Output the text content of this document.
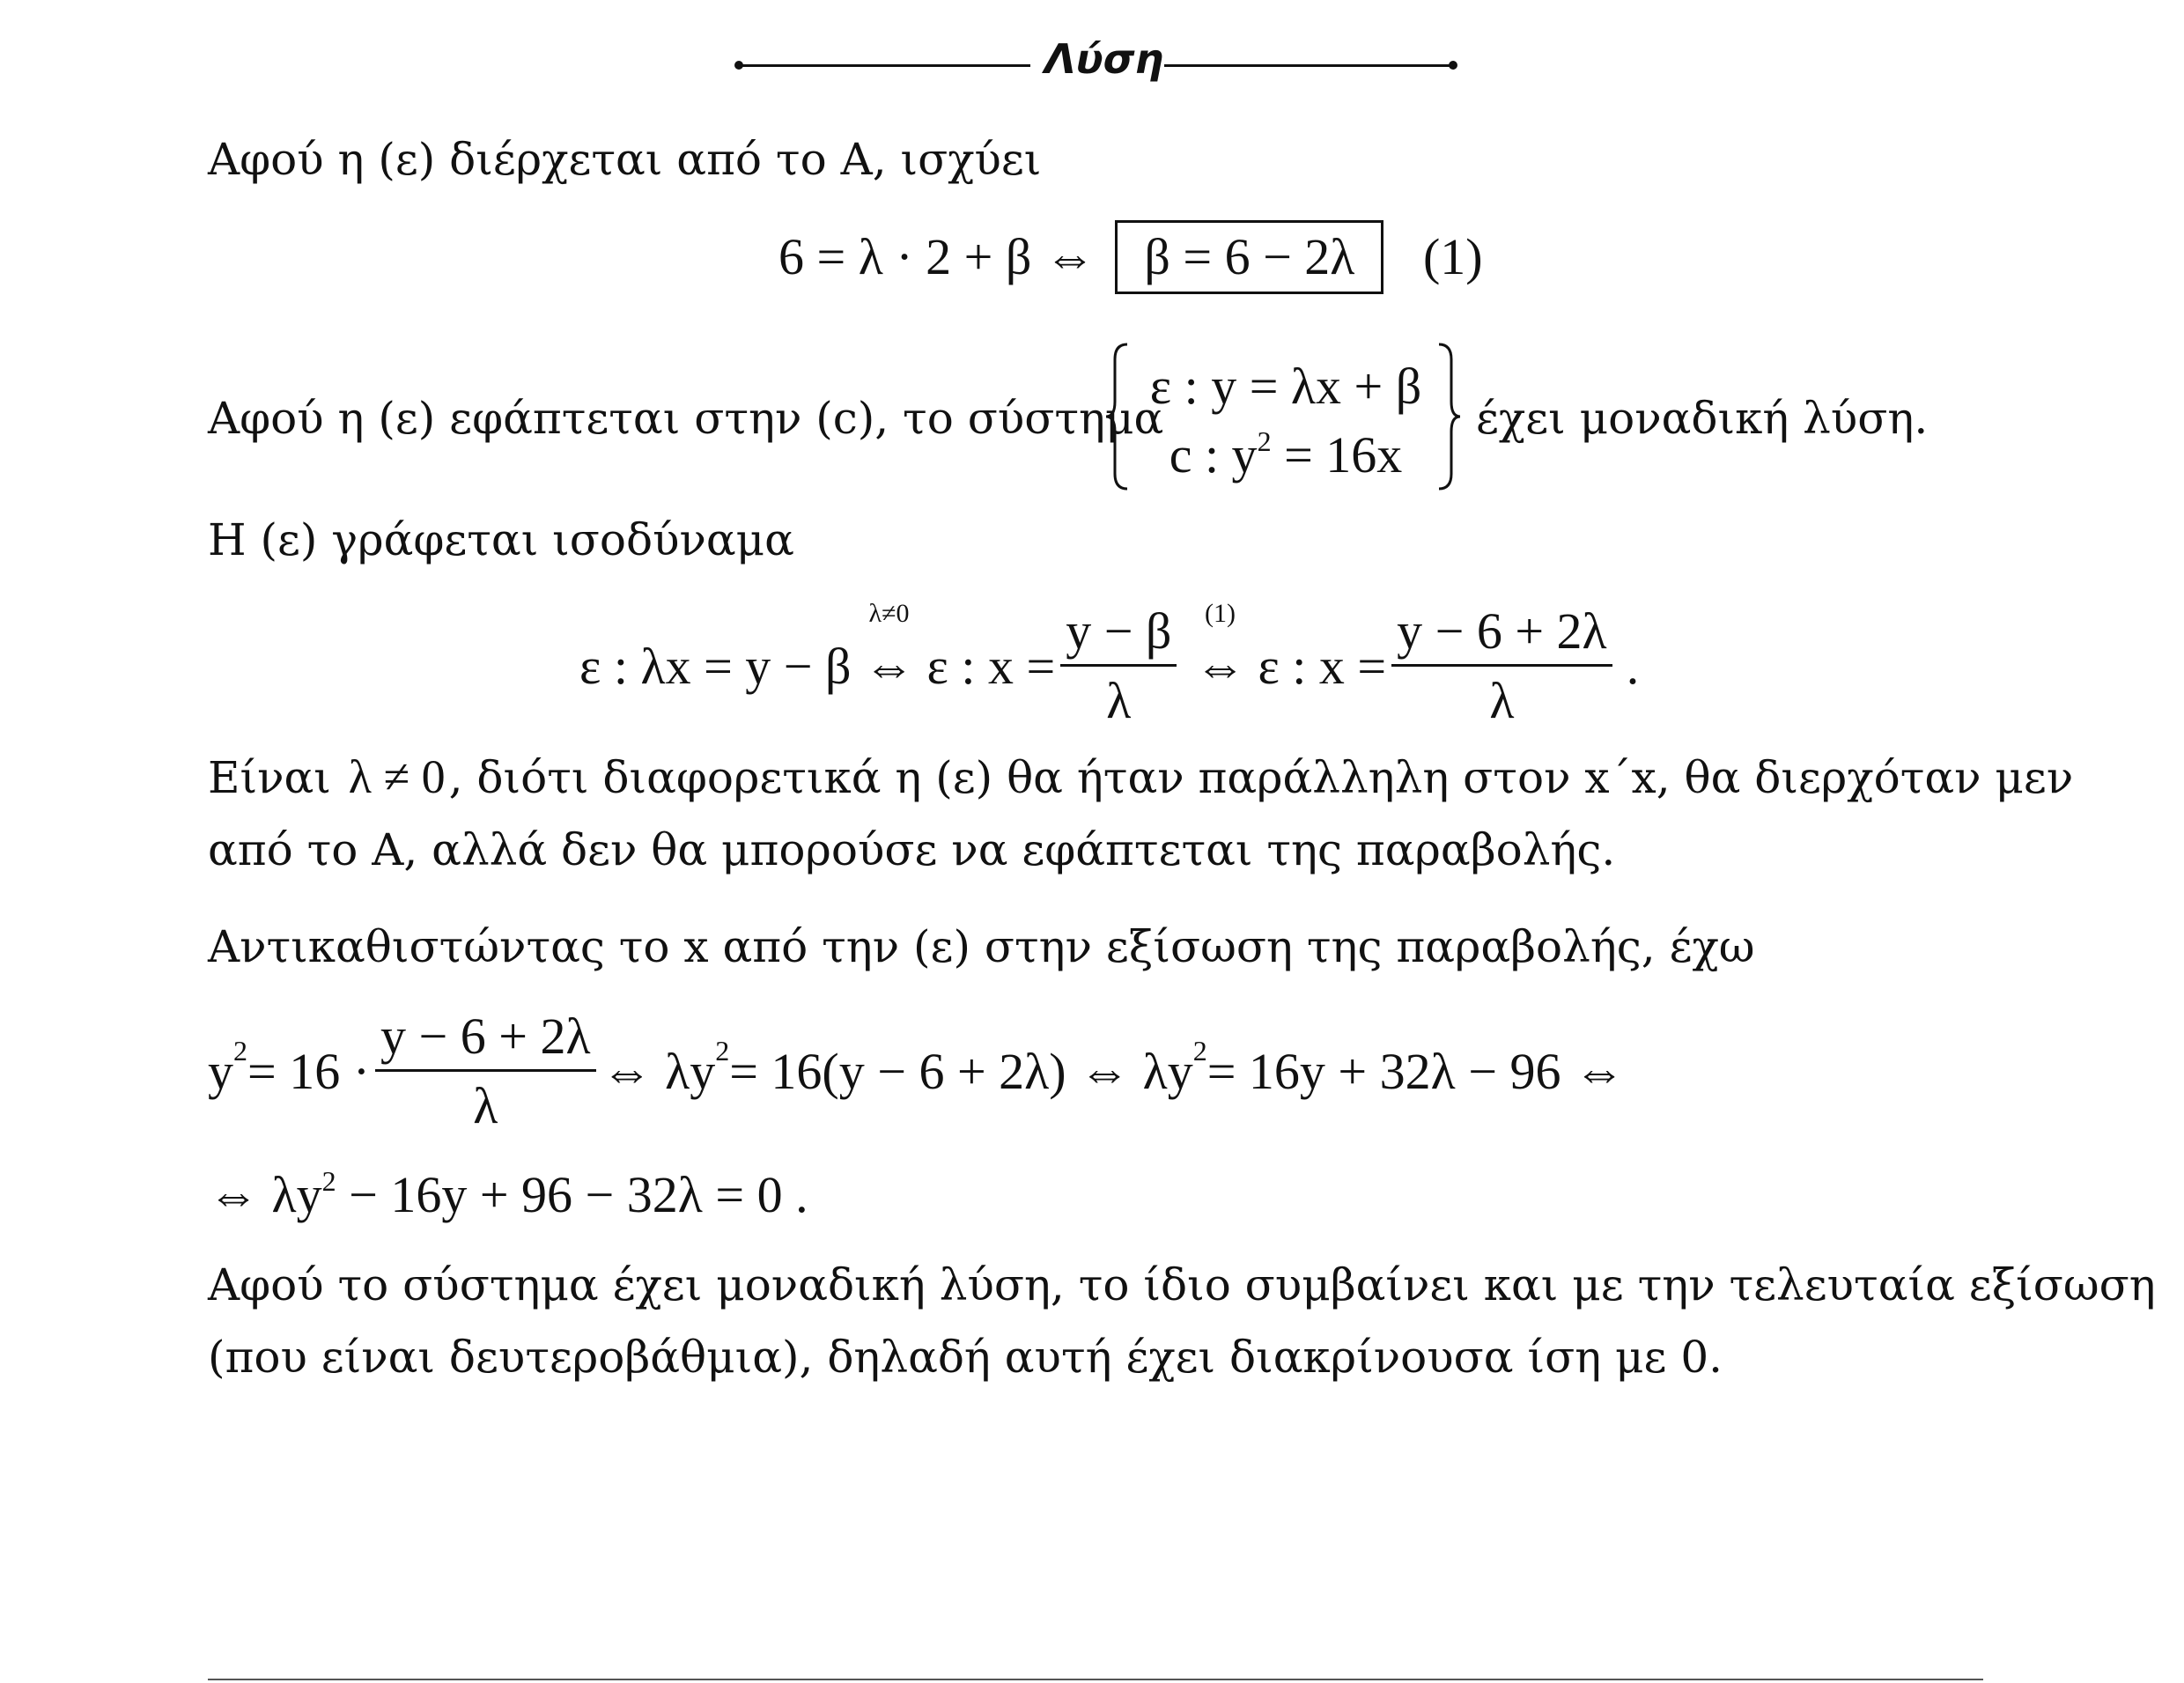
Λύση
Αφού η (ε) διέρχεται από το Α, ισχύει
6 = λ · 2 + β ⇔ β = 6 − 2λ (1)
Αφού η (ε) εφάπτεται στην (c), το σύστημα
ε : y = λx + β
c : $y^2 = 16x$
έχει μοναδική λύση.
Η (ε) γράφεται ισοδύναμα
ε : λx = y − β
λ≠0
⇔ ε : $x = \frac{y - \beta}{\lambda} (1)$
⇔ ε : $x = \frac{y - 6 + 2\lambda}{\lambda}$ .
Είναι λ ≠ 0, διότι διαφορετικά η (ε) θα ήταν παράλληλη στον x΄x, θα διερχόταν μεν
από το Α, αλλά δεν θα μπορούσε να εφάπτεται της παραβολής.
Αντικαθιστώντας το x από την (ε) στην εξίσωση της παραβολής, έχω
y $2 = 16 \cdot \frac{y - 6 + 2\lambda}{\lambda}$ ⇔ λy 2 = 16(y − 6 + 2λ) ⇔ λy 2 = 16y + 32λ − 96 ⇔
⇔ $\lambda y^2 - 16y + 96 - 32\lambda = 0$ .
Αφού το σύστημα έχει μοναδική λύση, το ίδιο συμβαίνει και με την τελευταία εξίσωση
(που είναι δευτεροβάθμια), δηλαδή αυτή έχει διακρίνουσα ίση με 0.
